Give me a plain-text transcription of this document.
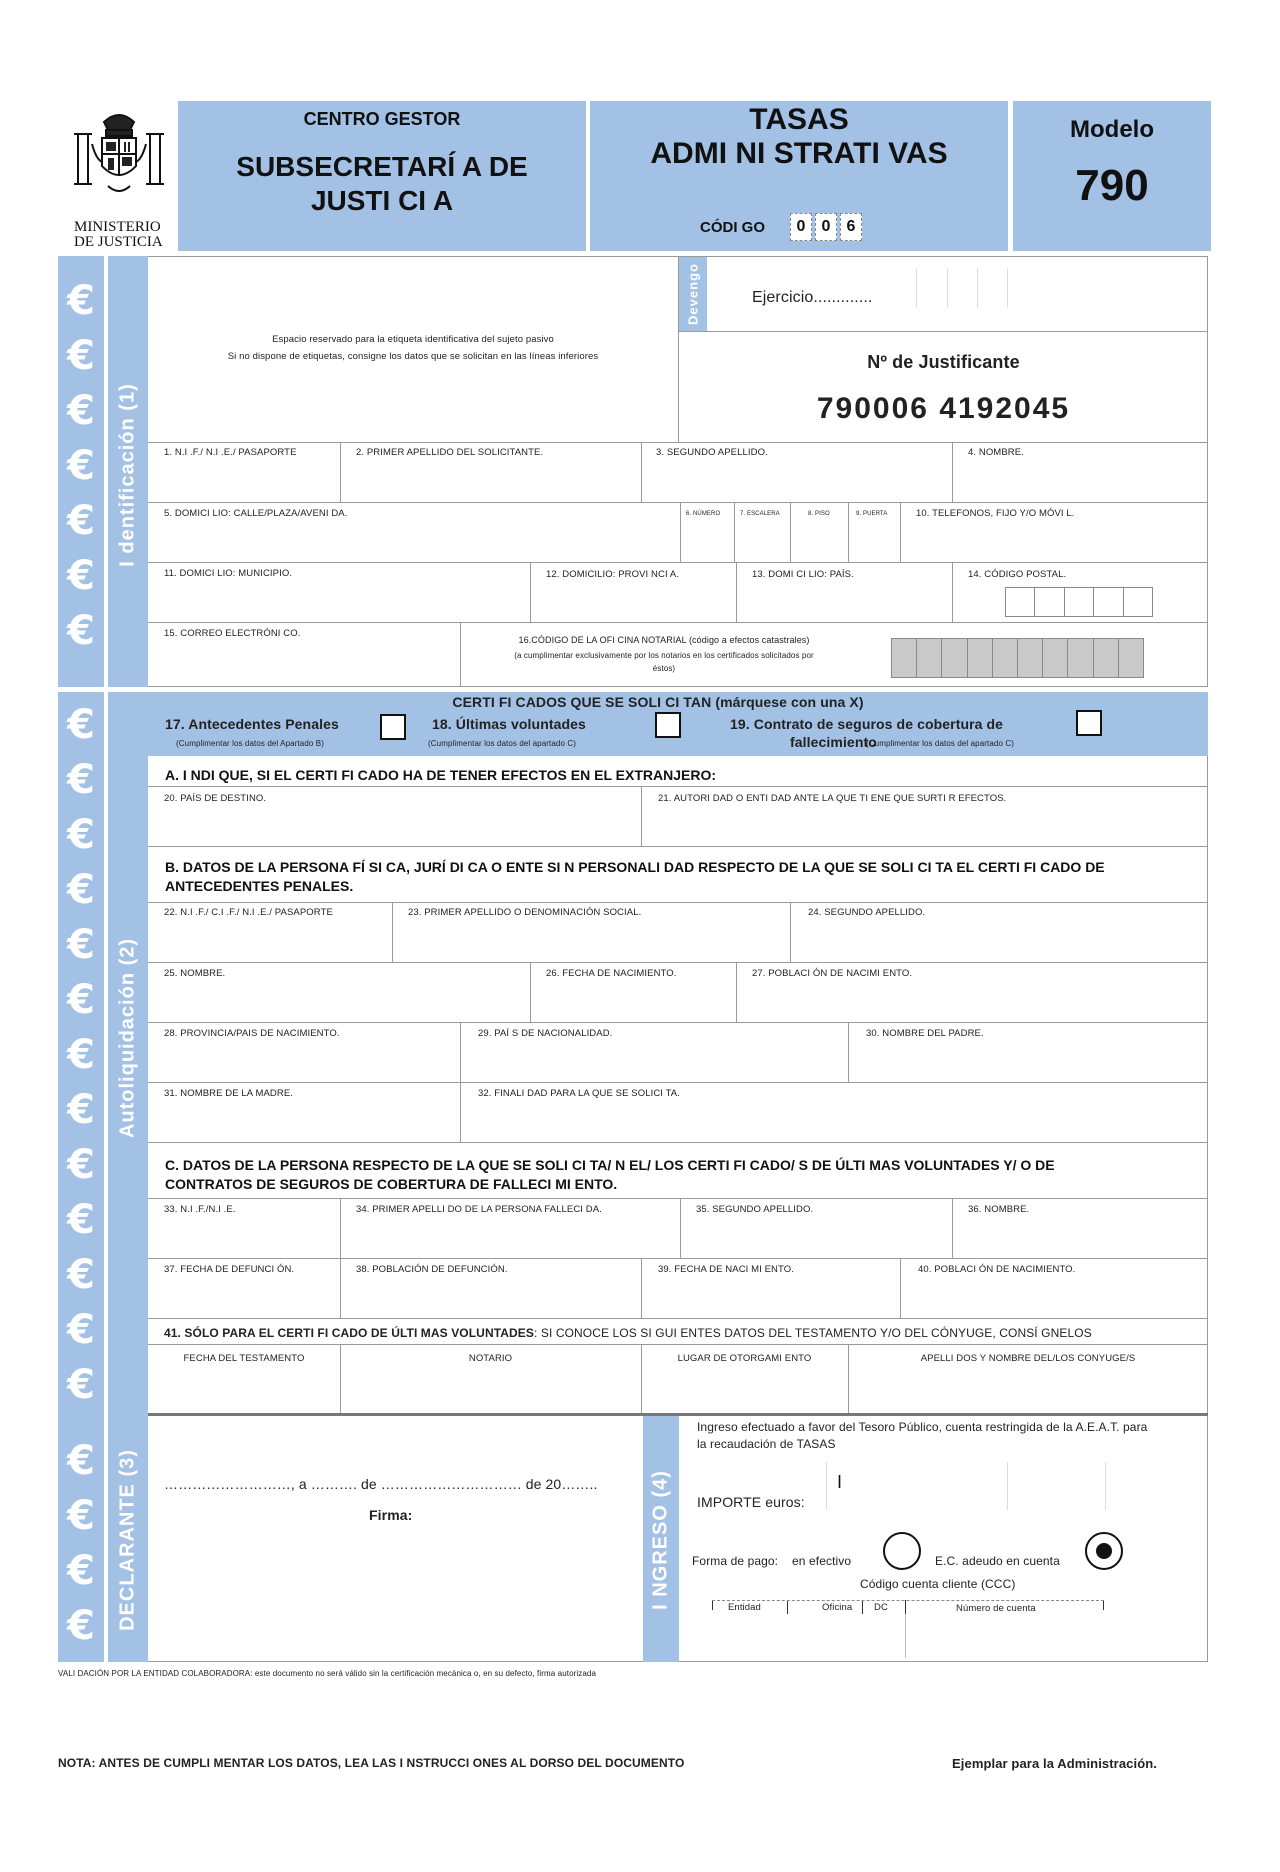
MINISTERIO
DE JUSTICIA
CENTRO GESTOR
SUBSECRETARÍ A DE
JUSTI CI A
TASAS
ADMI NI STRATI VAS
CÓDI GO	0	0	6
Modelo
790
I dentificación (1)
Autoliquidación (2)
DECLARANTE (3)
€
€
€
€
€
€
€
€
€
€
€
€
€
€
€
€
€
€
€
€
€
€
€
€
Espacio reservado para la etiqueta identificativa del sujeto pasivo
Si no dispone de etiquetas, consigne los datos que se solicitan en las líneas inferiores
Devengo	Ejercicio.............
Nº de Justificante
790006 4192045
1. N.I .F./ N.I .E./ PASAPORTE	2. PRIMER APELLIDO DEL SOLICITANTE.	3. SEGUNDO APELLIDO.	4. NOMBRE.
5. DOMICI LIO: CALLE/PLAZA/AVENI DA.	6. NÚMERO	7. ESCALERA	8. PISO	9. PUERTA	10. TELEFONOS, FIJO Y/O MÓVI L.
11. DOMICI LIO: MUNICIPIO.	12. DOMICILIO: PROVI NCI A.	13. DOMI CI LIO: PAÍS.	14. CÓDIGO POSTAL.
15. CORREO ELECTRÓNI CO.
16.CÓDIGO DE LA OFI CINA NOTARIAL (código a efectos catastrales)
(a cumplimentar exclusivamente por los notarios en los certificados solicitados por
éstos)
CERTI FI CADOS QUE SE SOLI CI TAN (márquese con una X)
17. Antecedentes Penales
(Cumplimentar los datos del Apartado B)
18. Últimas voluntades
(Cumplimentar los datos del apartado C)
19. Contrato de seguros de cobertura de
fallecimiento
(Cumplimentar los datos del apartado C)
A. I NDI QUE, SI EL CERTI FI CADO HA DE TENER EFECTOS EN EL EXTRANJERO:
20. PAÍS DE DESTINO.	21. AUTORI DAD O ENTI DAD ANTE LA QUE TI ENE QUE SURTI R EFECTOS.
B. DATOS DE LA PERSONA FÍ SI CA, JURÍ DI CA O ENTE SI N PERSONALI DAD RESPECTO DE LA QUE SE SOLI CI TA EL CERTI FI CADO DE
ANTECEDENTES PENALES.
22. N.I .F./ C.I .F./ N.I .E./ PASAPORTE	23. PRIMER APELLIDO O DENOMINACIÓN SOCIAL.	24. SEGUNDO APELLIDO.
25. NOMBRE.	26. FECHA DE NACIMIENTO.	27. POBLACI ÓN DE NACIMI ENTO.
28. PROVINCIA/PAIS DE NACIMIENTO.	29. PAÍ S DE NACIONALIDAD.	30. NOMBRE DEL PADRE.
31. NOMBRE DE LA MADRE.	32. FINALI DAD PARA LA QUE SE SOLICI TA.
C. DATOS DE LA PERSONA RESPECTO DE LA QUE SE SOLI CI TA/ N EL/ LOS CERTI FI CADO/ S DE ÚLTI MAS VOLUNTADES Y/ O DE
CONTRATOS DE SEGUROS DE COBERTURA DE FALLECI MI ENTO.
33. N.I .F./N.I .E.	34. PRIMER APELLI DO DE LA PERSONA FALLECI DA.	35. SEGUNDO APELLIDO.	36. NOMBRE.
37. FECHA DE DEFUNCI ÓN.	38. POBLACIÓN DE DEFUNCIÓN.	39. FECHA DE NACI MI ENTO.	40. POBLACI ÓN DE NACIMIENTO.
41. SÓLO PARA EL CERTI FI CADO DE ÚLTI MAS VOLUNTADES: SI CONOCE LOS SI GUI ENTES DATOS DEL TESTAMENTO Y/O DEL CÓNYUGE, CONSÍ GNELOS
FECHA DEL TESTAMENTO	NOTARIO	LUGAR DE OTORGAMI ENTO	APELLI DOS Y NOMBRE DEL/LOS CONYUGE/S
………………………, a ………. de ………………………… de 20……..
Firma:	I NGRESO (4)
Ingreso efectuado a favor del Tesoro Público, cuenta restringida de la A.E.A.T. para
la recaudación de TASAS
IMPORTE euros:
I
Forma de pago: en efectivo	E.C. adeudo en cuenta
Código cuenta cliente (CCC)
Entidad	Oficina DC	Número de cuenta
VALI DACIÓN POR LA ENTIDAD COLABORADORA: este documento no será válido sin la certificación mecánica o, en su defecto, firma autorizada
NOTA: ANTES DE CUMPLI MENTAR LOS DATOS, LEA LAS I NSTRUCCI ONES AL DORSO DEL DOCUMENTO	Ejemplar para la Administración.
